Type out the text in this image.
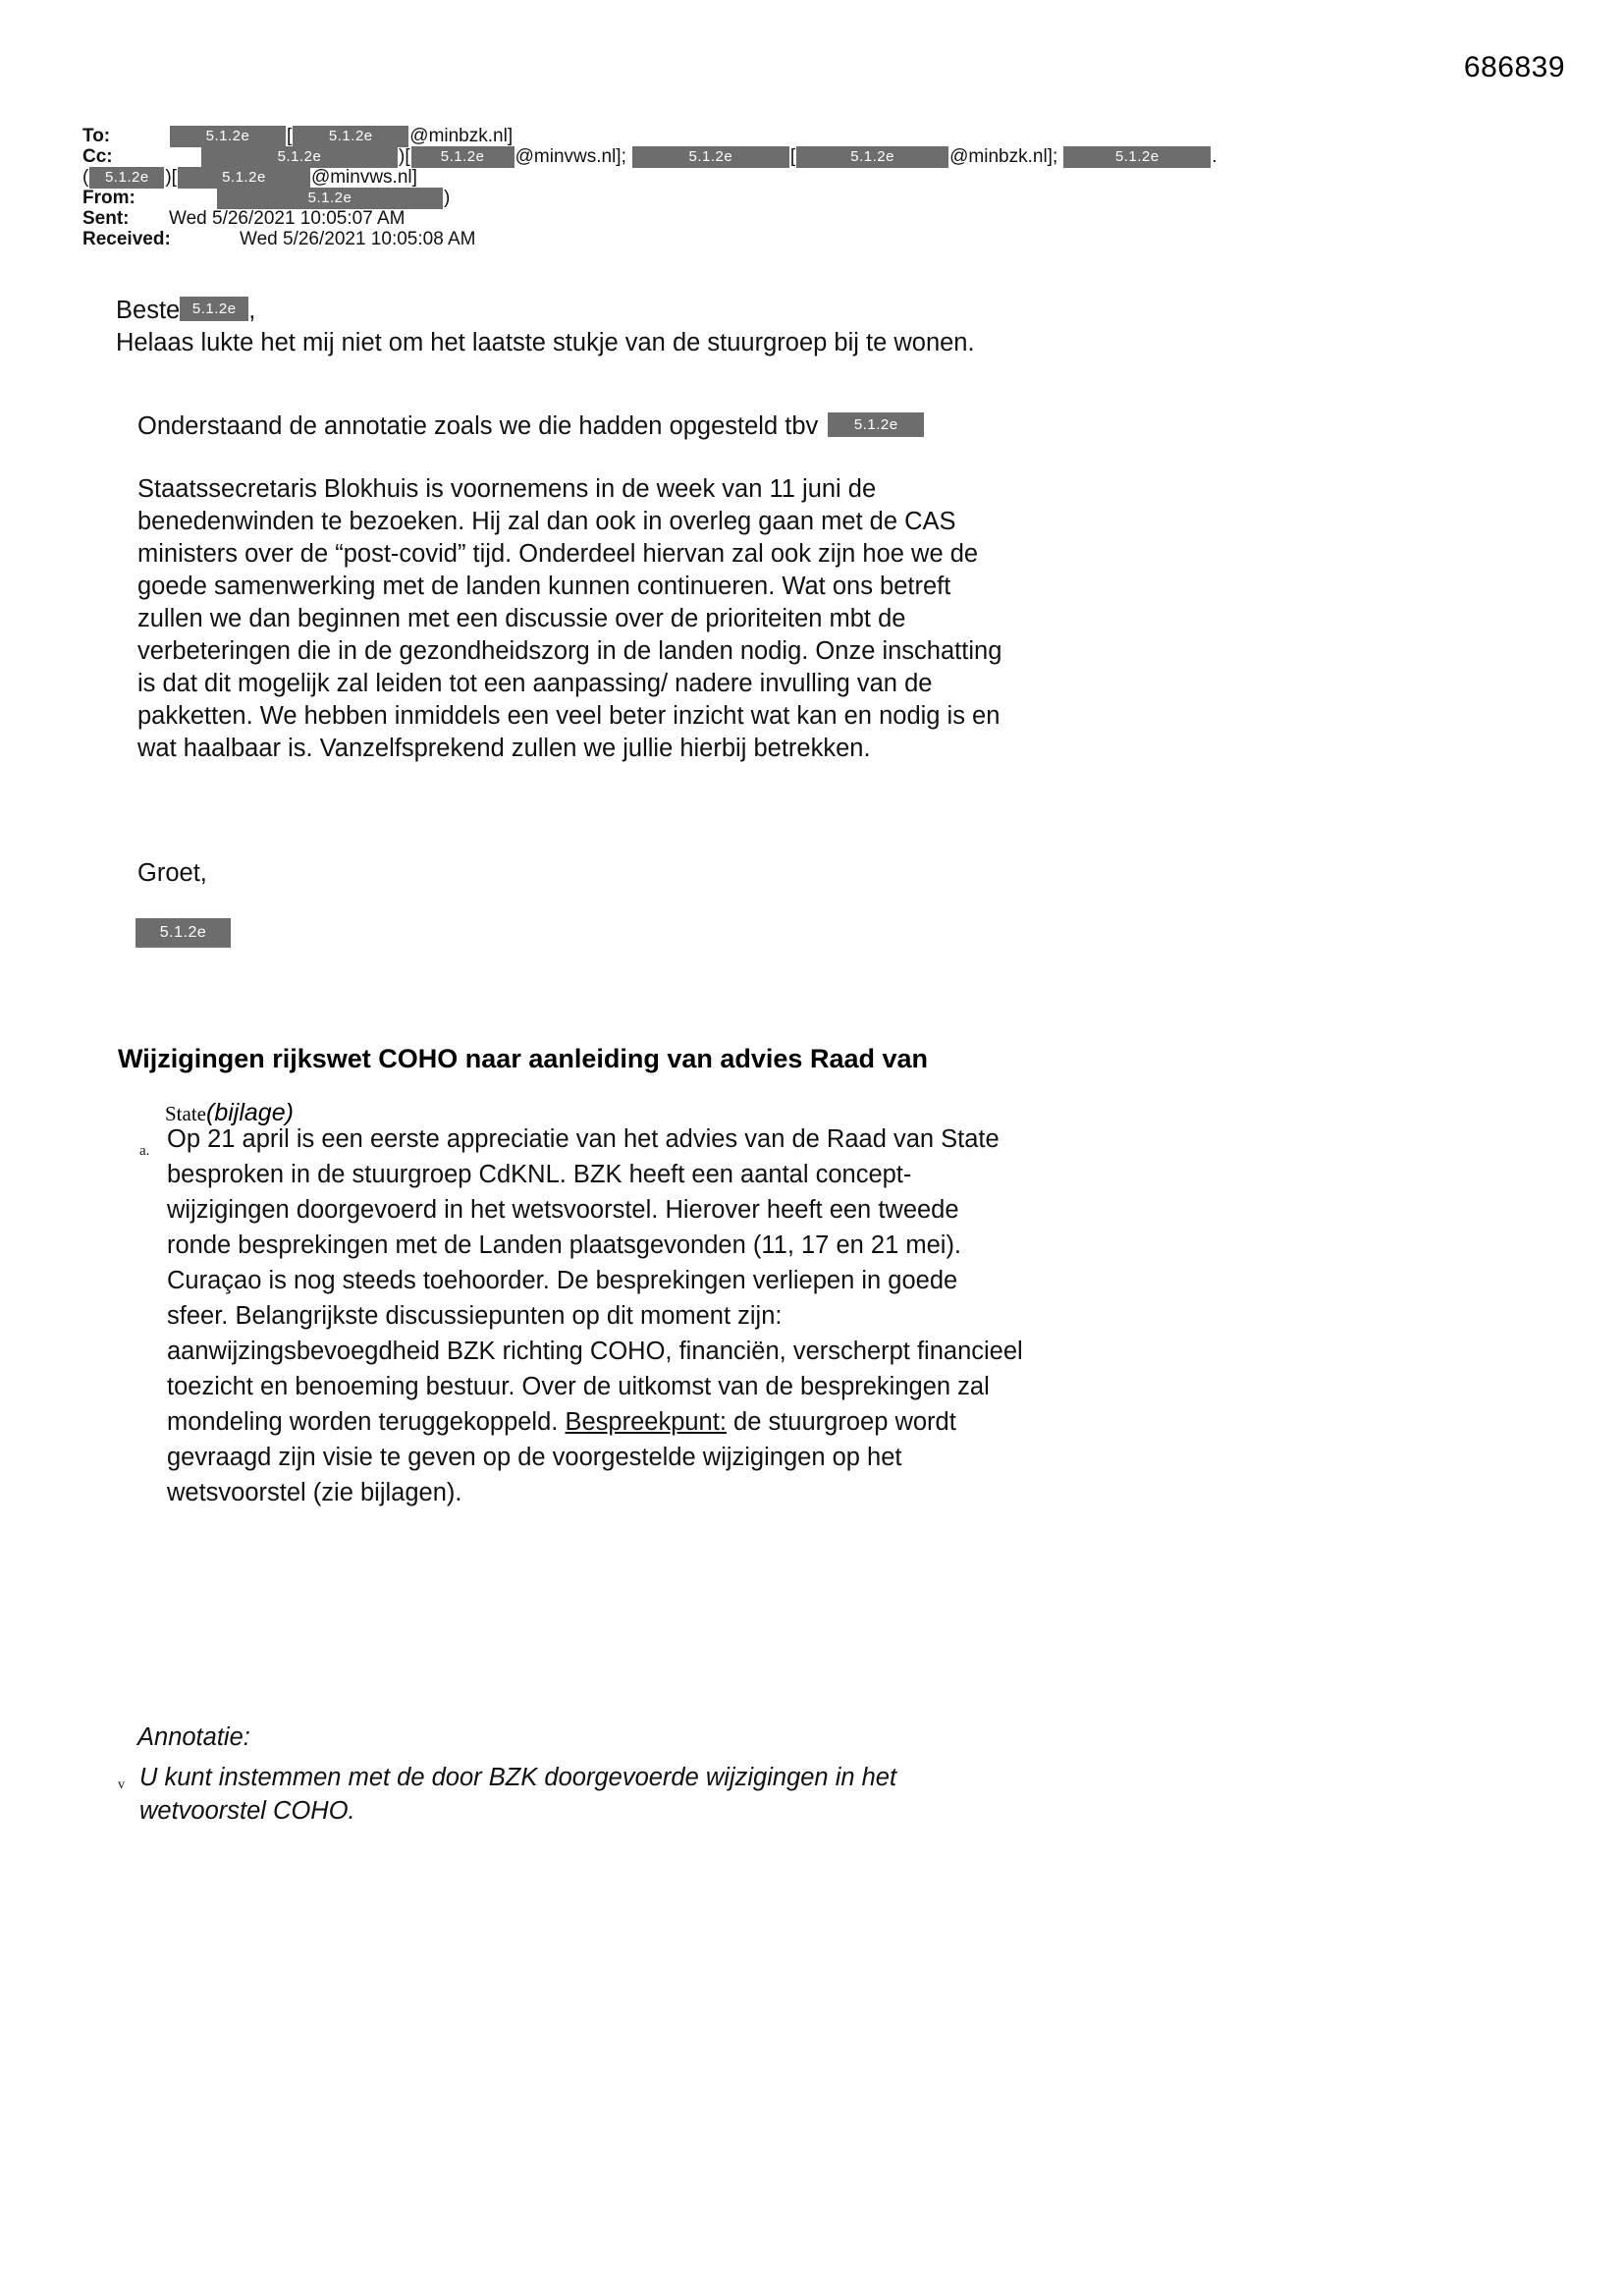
686839
To:	5.1.2e [	5.1.2e @minbzk.nl]
Cc:	5.1.2e	)[ 5.1.2e @minvws.nl];	5.1.2e	[	5.1.2e	@minbzk.nl];	5.1.2e	.
( 5.1.2e )[	5.1.2e @minvws.nl]
From:	5.1.2e	)
Sent: Wed 5/26/2021 10:05:07 AM
Received:	Wed 5/26/2021 10:05:08 AM
Beste 5.1.2e ,
Helaas lukte het mij niet om het laatste stukje van de stuurgroep bij te wonen.
Onderstaand de annotatie zoals we die hadden opgesteld tbv 5.1.2e
Staatssecretaris Blokhuis is voornemens in de week van 11 juni de benedenwinden te bezoeken. Hij zal dan ook in overleg gaan met de CAS ministers over de “post-covid” tijd. Onderdeel hiervan zal ook zijn hoe we de goede samenwerking met de landen kunnen continueren. Wat ons betreft zullen we dan beginnen met een discussie over de prioriteiten mbt de verbeteringen die in de gezondheidszorg in de landen nodig. Onze inschatting is dat dit mogelijk zal leiden tot een aanpassing/ nadere invulling van de pakketten. We hebben inmiddels een veel beter inzicht wat kan en nodig is en wat haalbaar is. Vanzelfsprekend zullen we jullie hierbij betrekken.
Groet,
5.1.2e
Wijzigingen rijkswet COHO naar aanleiding van advies Raad van
State(bijlage)
a. Op 21 april is een eerste appreciatie van het advies van de Raad van State besproken in de stuurgroep CdKNL. BZK heeft een aantal concept-wijzigingen doorgevoerd in het wetsvoorstel. Hierover heeft een tweede ronde besprekingen met de Landen plaatsgevonden (11, 17 en 21 mei). Curaçao is nog steeds toehoorder. De besprekingen verliepen in goede sfeer. Belangrijkste discussiepunten op dit moment zijn: aanwijzingsbevoegdheid BZK richting COHO, financiën, verscherpt financieel toezicht en benoeming bestuur. Over de uitkomst van de besprekingen zal mondeling worden teruggekoppeld. Bespreekpunt: de stuurgroep wordt gevraagd zijn visie te geven op de voorgestelde wijzigingen op het wetsvoorstel (zie bijlagen).
Annotatie:
v U kunt instemmen met de door BZK doorgevoerde wijzigingen in het wetvoorstel COHO.
